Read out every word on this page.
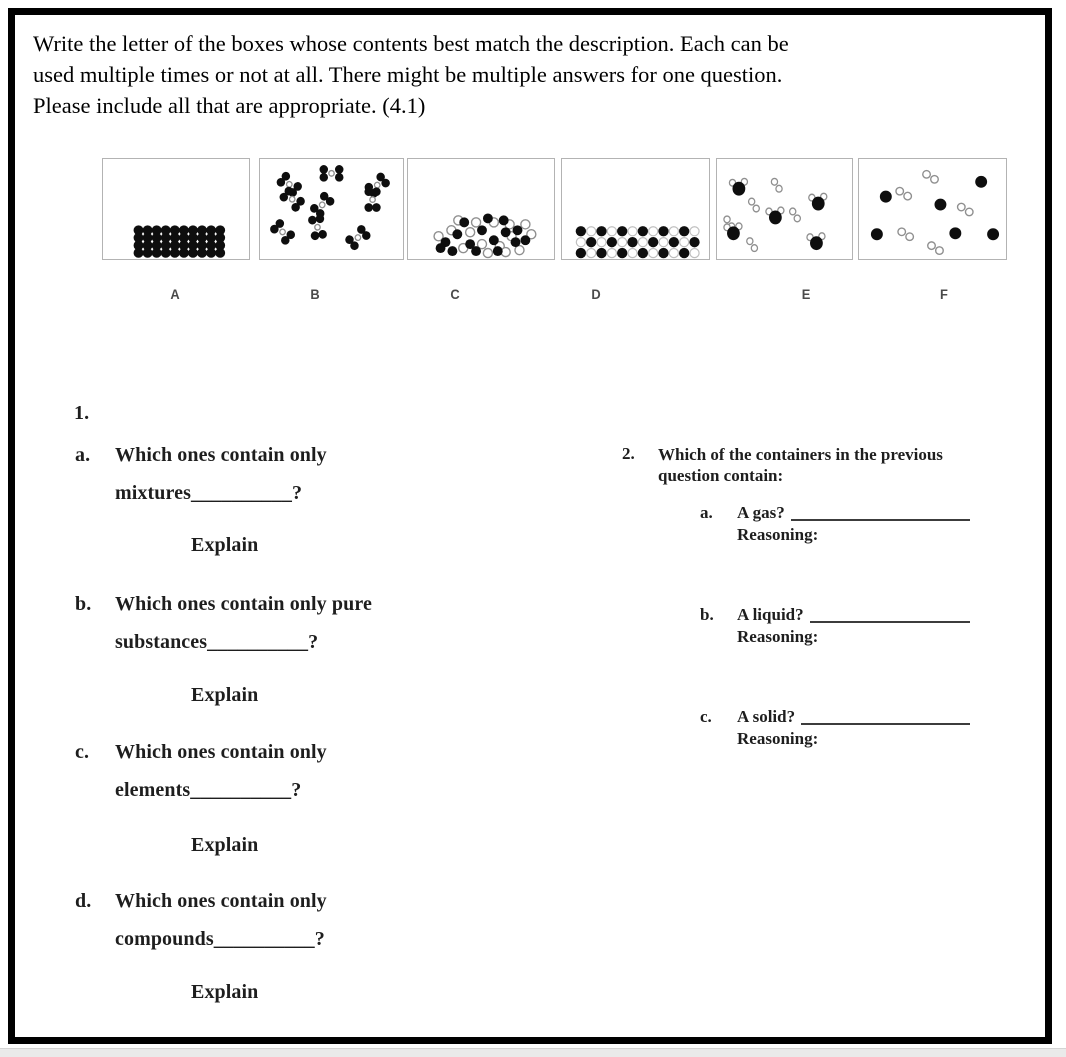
Write the letter of the boxes whose contents best match the description. Each can be
used multiple times or not at all. There might be multiple answers for one question.
Please include all that are appropriate. (4.1)
A	B	C	D	E	F
1.
a. Which ones contain only
mixtures__________?
Explain
b. Which ones contain only pure
substances__________?
Explain
c. Which ones contain only
elements__________?
Explain
d. Which ones contain only
compounds__________?
Explain
2. Which of the containers in the previous
question contain:
a. A gas?
Reasoning:
b. A liquid?
Reasoning:
c. A solid?
Reasoning:
